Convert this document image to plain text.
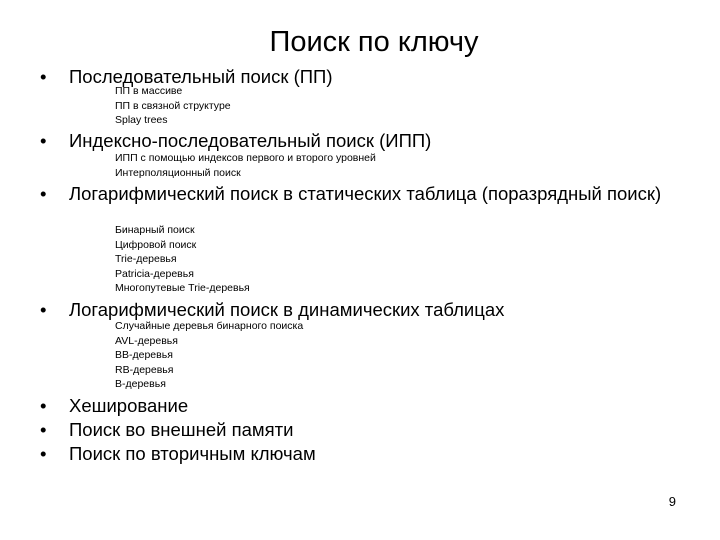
Поиск по ключу
•	Последовательный поиск (ПП)
ПП в массиве
ПП в связной структуре
Splay trees
•	Индексно-последовательный поиск (ИПП)
ИПП с помощью индексов первого и второго уровней
Интерполяционный поиск
•	Логарифмический поиск в статических таблица (поразрядный поиск)
Бинарный поиск
Цифровой поиск
Trie-деревья
Patricia-деревья
Многопутевые Trie-деревья
•	Логарифмический поиск в динамических таблицах
Случайные деревья бинарного поиска
AVL-деревья
BB-деревья
RB-деревья
B-деревья
•	Хеширование
•	Поиск во внешней памяти
•	Поиск по вторичным ключам
9
